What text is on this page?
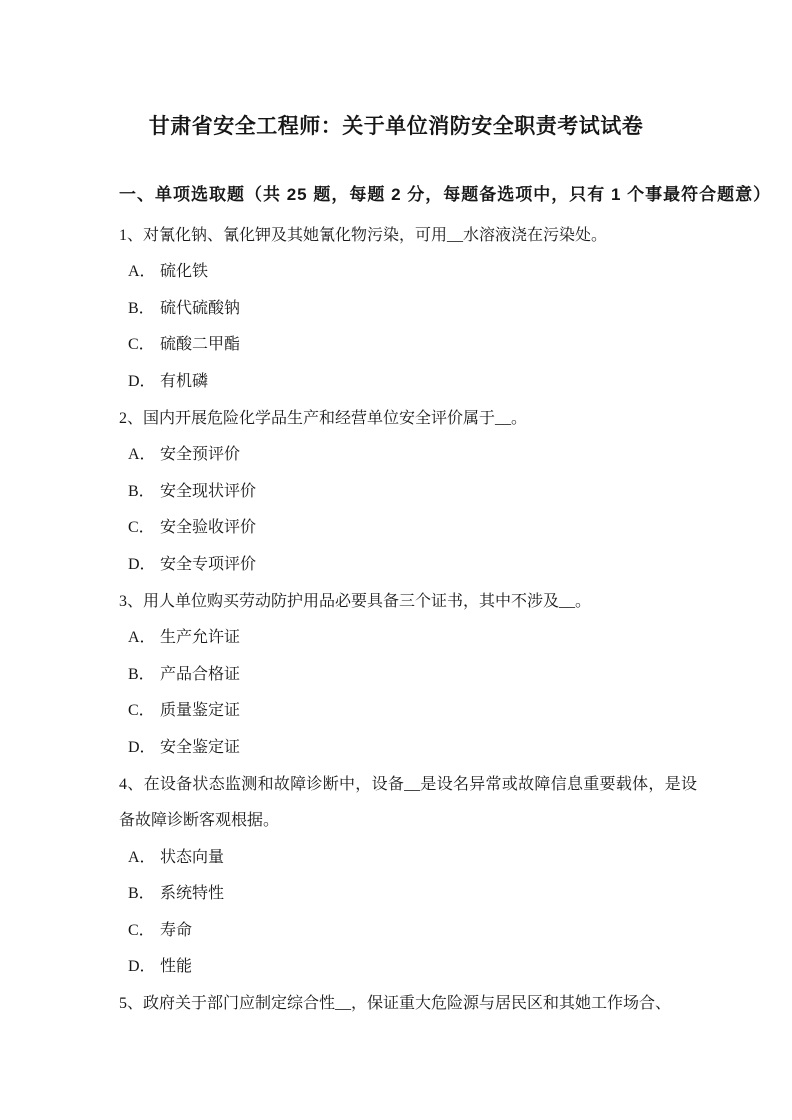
甘肃省安全工程师：关于单位消防安全职责考试试卷
一、单项选取题（共 25 题，每题 2 分，每题备选项中，只有 1 个事最符合题意）

1、对氰化钠、氰化钾及其她氰化物污染，可用__水溶液浇在污染处。

A． 硫化铁
B． 硫代硫酸钠
C． 硫酸二甲酯
D． 有机磷

2、国内开展危险化学品生产和经营单位安全评价属于__。

A． 安全预评价
B． 安全现状评价
C． 安全验收评价
D． 安全专项评价

3、用人单位购买劳动防护用品必要具备三个证书，其中不涉及__。

A． 生产允许证
B． 产品合格证
C． 质量鉴定证
D． 安全鉴定证

4、在设备状态监测和故障诊断中，设备__是设名异常或故障信息重要载体，是设备故障诊断客观根据。

A． 状态向量
B． 系统特性
C． 寿命
D． 性能

5、政府关于部门应制定综合性__，保证重大危险源与居民区和其她工作场合、
